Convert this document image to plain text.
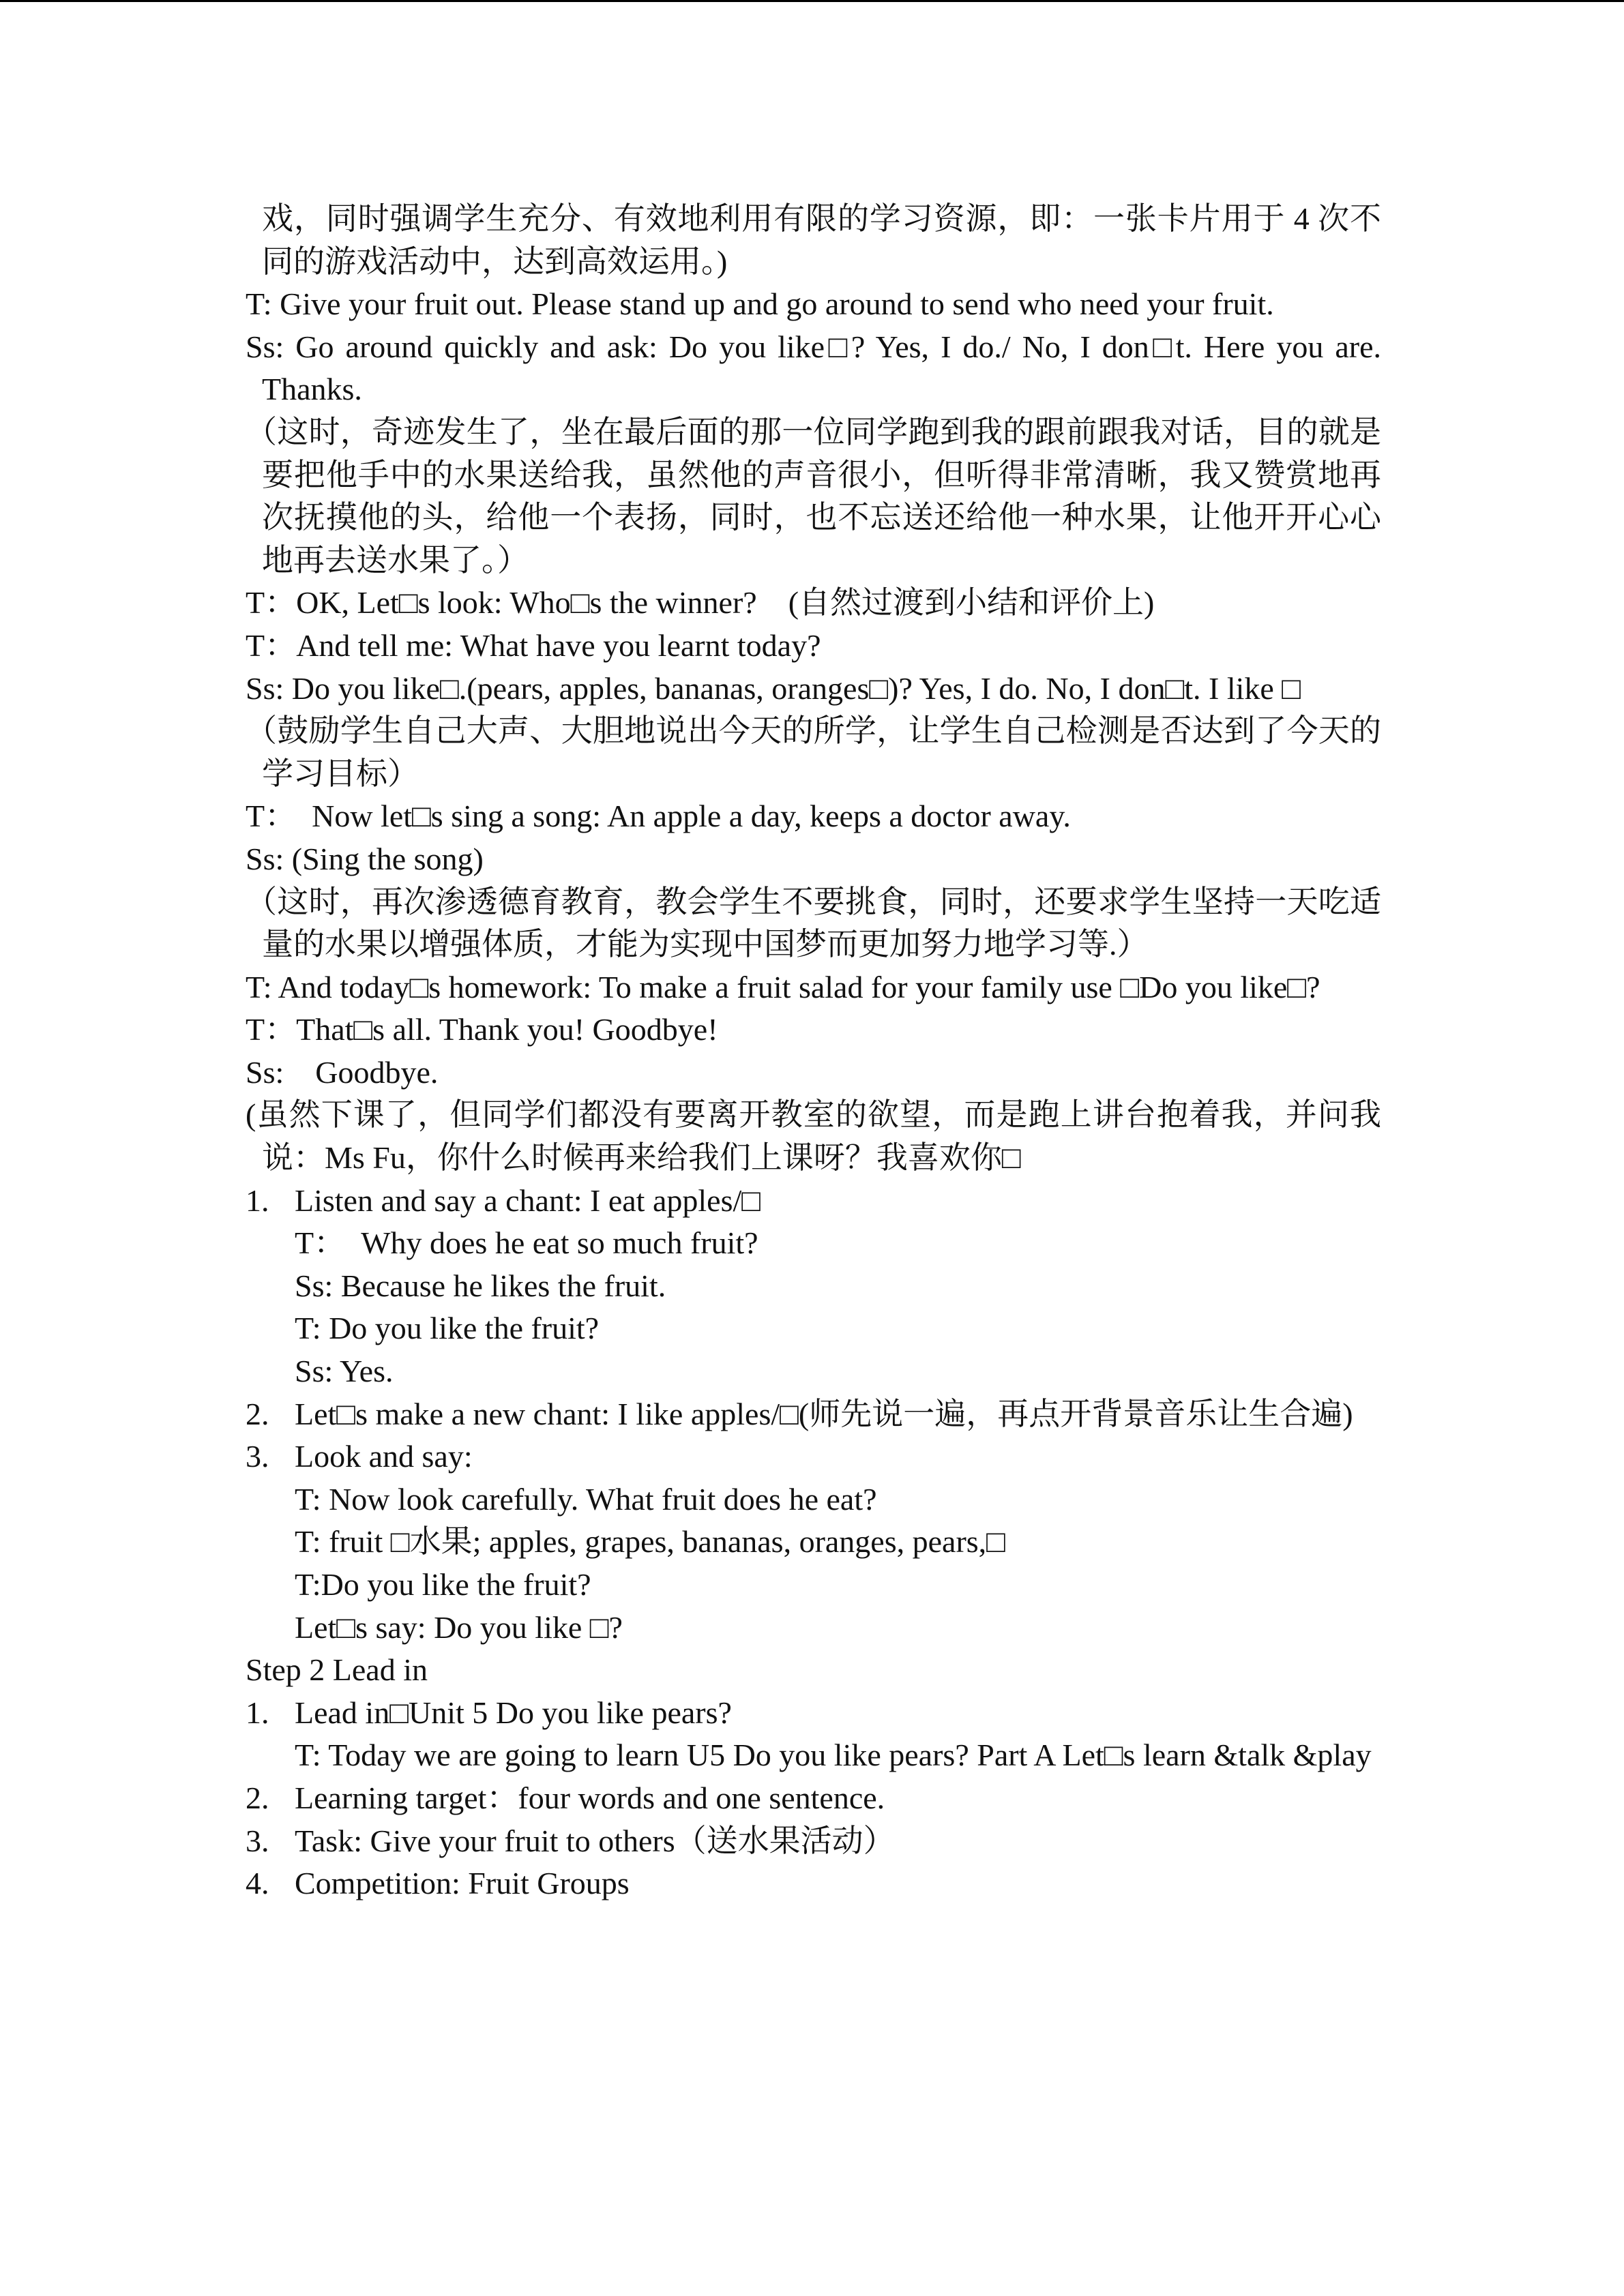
戏，同时强调学生充分、有效地利用有限的学习资源，即：一张卡片用于 4 次不同的游戏活动中，达到高效运用。)

T: Give your fruit out. Please stand up and go around to send who need your fruit.

Ss: Go around quickly and ask: Do you like□? Yes, I do./ No, I don□t. Here you are. Thanks.

（这时，奇迹发生了，坐在最后面的那一位同学跑到我的跟前跟我对话，目的就是要把他手中的水果送给我，虽然他的声音很小，但听得非常清晰，我又赞赏地再次抚摸他的头，给他一个表扬，同时，也不忘送还给他一种水果，让他开开心心地再去送水果了。）

T：OK, Let□s look: Who□s the winner?　(自然过渡到小结和评价上)

T：And tell me: What have you learnt today?

Ss: Do you like□.(pears, apples, bananas, oranges□)? Yes, I do. No, I don□t. I like □

（鼓励学生自己大声、大胆地说出今天的所学，让学生自己检测是否达到了今天的学习目标）

T：　Now let□s sing a song: An apple a day, keeps a doctor away.

Ss: (Sing the song)

（这时，再次渗透德育教育，教会学生不要挑食，同时，还要求学生坚持一天吃适量的水果以增强体质，才能为实现中国梦而更加努力地学习等.）

T: And today□s homework: To make a fruit salad for your family use □Do you like□?

T：That□s all. Thank you! Goodbye!

Ss:　Goodbye.

(虽然下课了，但同学们都没有要离开教室的欲望，而是跑上讲台抱着我，并问我说：Ms Fu，你什么时候再来给我们上课呀？我喜欢你□

1. Listen and say a chant: I eat apples/□

T：　Why does he eat so much fruit?

Ss: Because he likes the fruit.

T: Do you like the fruit?

Ss: Yes.

2. Let□s make a new chant: I like apples/□(师先说一遍，再点开背景音乐让生合遍)
3. Look and say:

T: Now look carefully. What fruit does he eat?

T: fruit □水果; apples, grapes, bananas, oranges, pears,□

T:Do you like the fruit?

Let□s say: Do you like □?

Step 2 Lead in

1. Lead in□Unit 5 Do you like pears?

T: Today we are going to learn U5 Do you like pears? Part A Let□s learn &talk &play

2. Learning target：four words and one sentence.
3. Task: Give your fruit to others（送水果活动）
4. Competition: Fruit Groups
